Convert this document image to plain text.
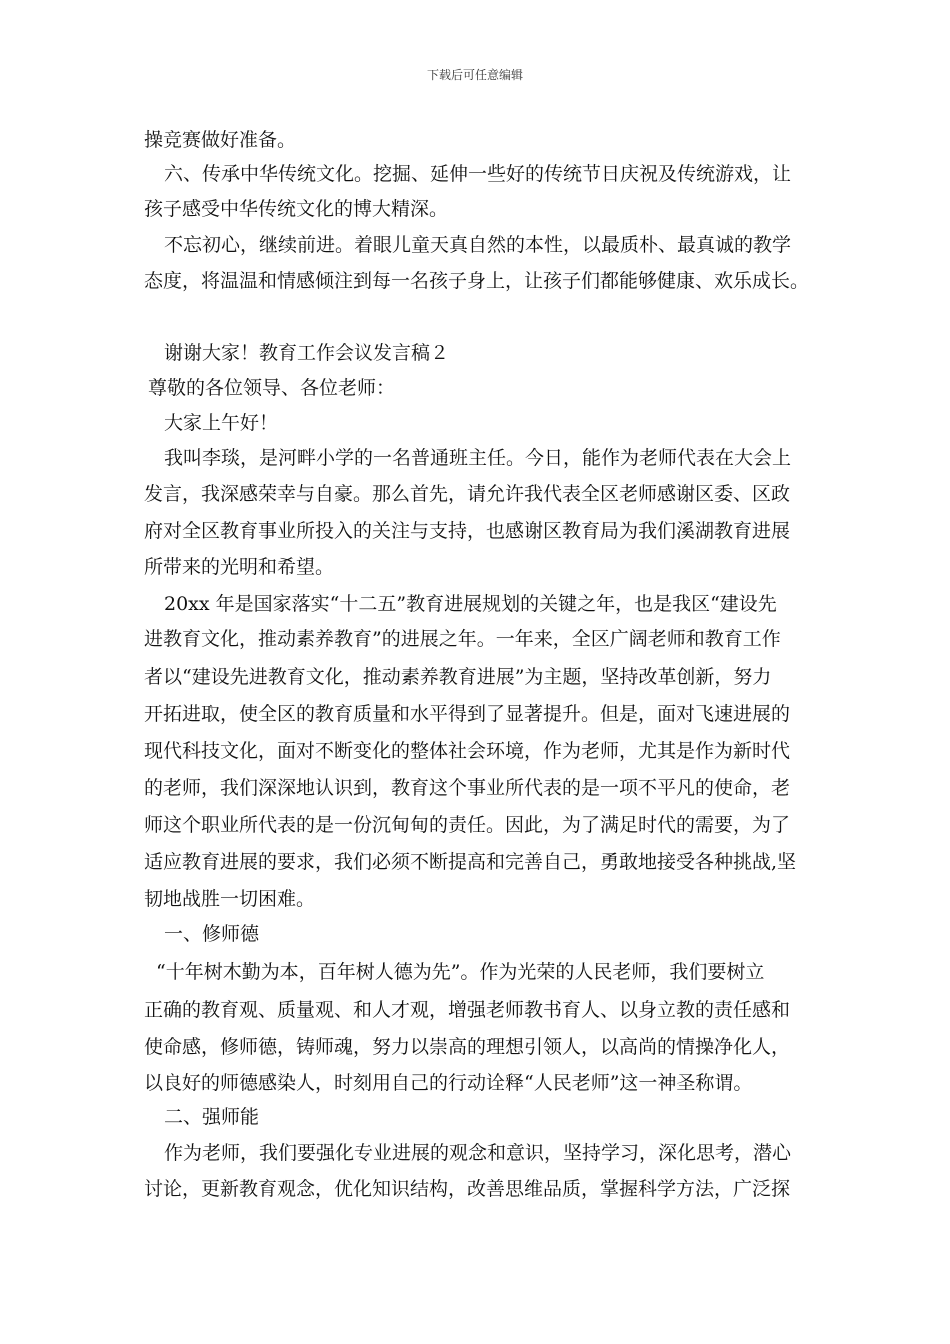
下载后可任意编辑
操竞赛做好准备。
六、传承中华传统文化。挖掘、延伸一些好的传统节日庆祝及传统游戏，让
孩子感受中华传统文化的博大精深。
不忘初心，继续前进。着眼儿童天真自然的本性，以最质朴、最真诚的教学
态度，将温温和情感倾注到每一名孩子身上，让孩子们都能够健康、欢乐成长。
谢谢大家！教育工作会议发言稿２
尊敬的各位领导、各位老师：
大家上午好！
我叫李琰，是河畔小学的一名普通班主任。今日，能作为老师代表在大会上
发言，我深感荣幸与自豪。那么首先，请允许我代表全区老师感谢区委、区政
府对全区教育事业所投入的关注与支持，也感谢区教育局为我们溪湖教育进展
所带来的光明和希望。
20xx 年是国家落实“十二五”教育进展规划的关键之年，也是我区“建设先
进教育文化，推动素养教育”的进展之年。一年来，全区广阔老师和教育工作
者以“建设先进教育文化，推动素养教育进展”为主题，坚持改革创新，努力
开拓进取，使全区的教育质量和水平得到了显著提升。但是，面对飞速进展的
现代科技文化，面对不断变化的整体社会环境，作为老师，尤其是作为新时代
的老师，我们深深地认识到，教育这个事业所代表的是一项不平凡的使命，老
师这个职业所代表的是一份沉甸甸的责任。因此，为了满足时代的需要，为了
适应教育进展的要求，我们必须不断提高和完善自己，勇敢地接受各种挑战,坚
韧地战胜一切困难。
一、修师德
“十年树木勤为本，百年树人德为先”。作为光荣的人民老师，我们要树立
正确的教育观、质量观、和人才观，增强老师教书育人、以身立教的责任感和
使命感，修师德，铸师魂，努力以崇高的理想引领人，以高尚的情操净化人，
以良好的师德感染人，时刻用自己的行动诠释“人民老师”这一神圣称谓。
二、强师能
作为老师，我们要强化专业进展的观念和意识，坚持学习，深化思考，潜心
讨论，更新教育观念，优化知识结构，改善思维品质，掌握科学方法，广泛探
